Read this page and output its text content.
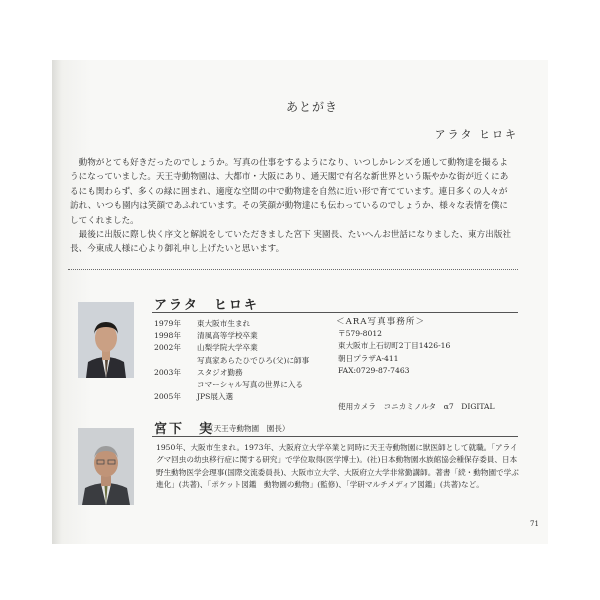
あとがき
アラタ ヒロキ

動物がとても好きだったのでしょうか。写真の仕事をするようになり、いつしかレンズを通して動物達を撮るようになっていました。天王寺動物園は、大都市・大阪にあり、通天閣で有名な新世界という賑やかな街が近くにあるにも関わらず、多くの緑に囲まれ、適度な空間の中で動物達を自然に近い形で育てています。連日多くの人々が訪れ、いつも園内は笑顔であふれています。その笑顔が動物達にも伝わっているのでしょうか、様々な表情を僕にしてくれました。

最後に出版に際し快く序文と解説をしていただきました宮下 実園長、たいへんお世話になりました、東方出版社長、今東成人様に心より御礼申し上げたいと思います。

アラタ　ヒロキ
1979年	東大阪市生まれ
1998年	清風高等学校卒業
2002年	山梨学院大学卒業
写真家あらたひでひろ(父)に師事
2003年	スタジオ勤務
コマーシャル写真の世界に入る
2005年	JPS展入選
＜ARA写真事務所＞
〒579-8012
東大阪市上石切町2丁目1426-16
朝日プラザA-411
FAX:0729-87-7463
使用カメラ　コニカミノルタ　α7　DIGITAL
宮下　実
（天王寺動物園　園長）
1950年、大阪市生まれ。1973年、大阪府立大学卒業と同時に天王寺動物園に獣医師として就職。「アライグマ回虫の幼虫移行症に関する研究」で学位取得(医学博士)。(社)日本動物園水族館協会種保存委員、日本野生動物医学会理事(国際交流委員長)、大阪市立大学、大阪府立大学非常勤講師。著書「続・動物園で学ぶ進化」(共著)、「ポケット図鑑　動物園の動物」(監修)、「学研マルチメディア図鑑」(共著)など。
71
